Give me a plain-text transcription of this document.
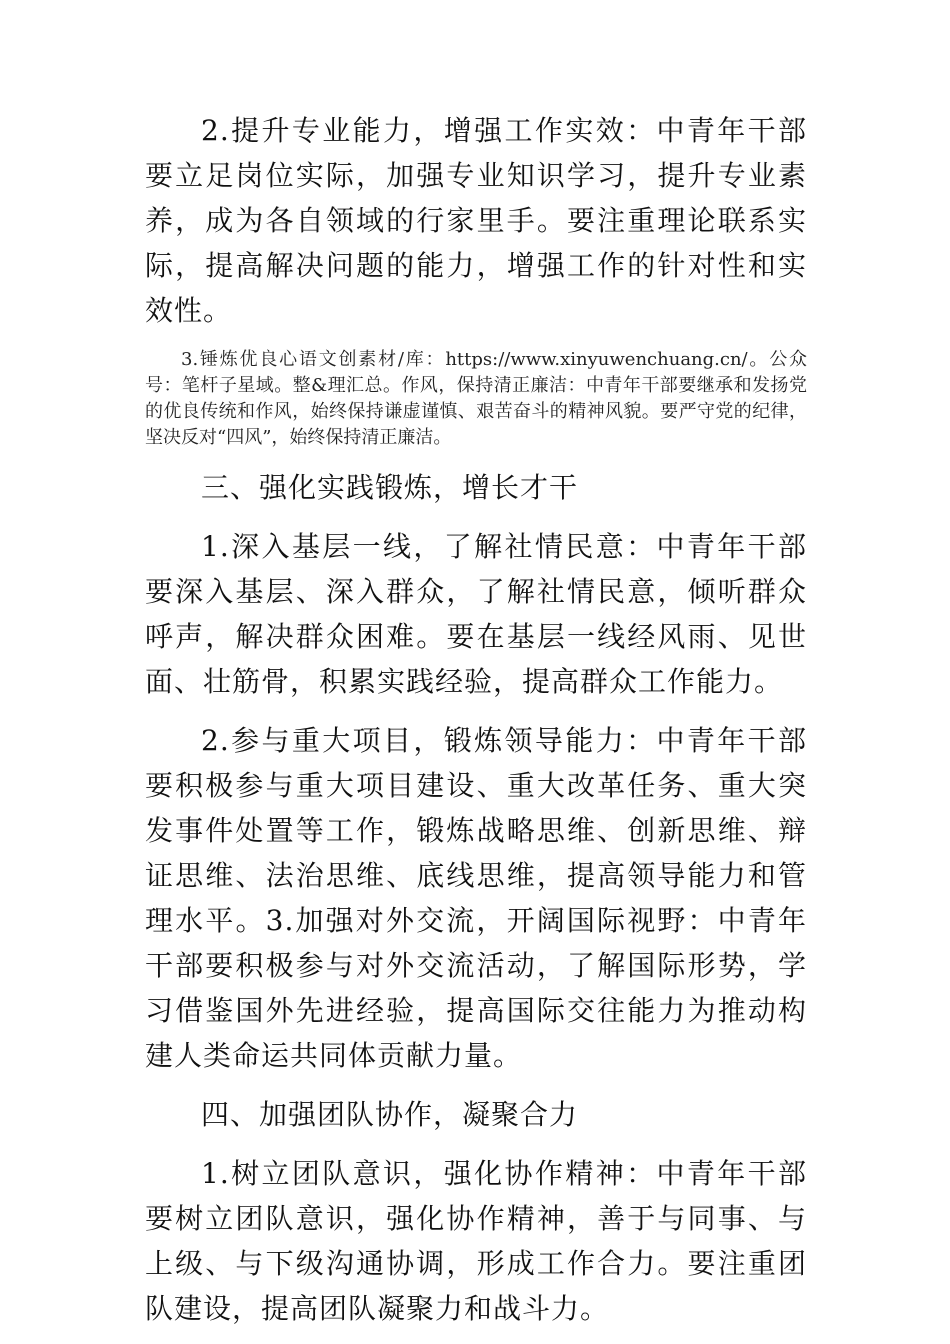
2.提升专业能力，增强工作实效：中青年干部要立足岗位实际，加强专业知识学习，提升专业素养，成为各自领域的行家里手。要注重理论联系实际，提高解决问题的能力，增强工作的针对性和实效性。

3.锤炼优良心语文创素材/库：https://www.xinyuwenchuang.cn/。公众号：笔杆子星域。整&理汇总。作风，保持清正廉洁：中青年干部要继承和发扬党的优良传统和作风，始终保持谦虚谨慎、艰苦奋斗的精神风貌。要严守党的纪律，坚决反对“四风”，始终保持清正廉洁。

三、强化实践锻炼，增长才干

1.深入基层一线，了解社情民意：中青年干部要深入基层、深入群众，了解社情民意，倾听群众呼声，解决群众困难。要在基层一线经风雨、见世面、壮筋骨，积累实践经验，提高群众工作能力。

2.参与重大项目，锻炼领导能力：中青年干部要积极参与重大项目建设、重大改革任务、重大突发事件处置等工作，锻炼战略思维、创新思维、辩证思维、法治思维、底线思维，提高领导能力和管理水平。3.加强对外交流，开阔国际视野：中青年干部要积极参与对外交流活动，了解国际形势，学习借鉴国外先进经验，提高国际交往能力为推动构建人类命运共同体贡献力量。

四、加强团队协作，凝聚合力

1.树立团队意识，强化协作精神：中青年干部要树立团队意识，强化协作精神，善于与同事、与上级、与下级沟通协调，形成工作合力。要注重团队建设，提高团队凝聚力和战斗力。
